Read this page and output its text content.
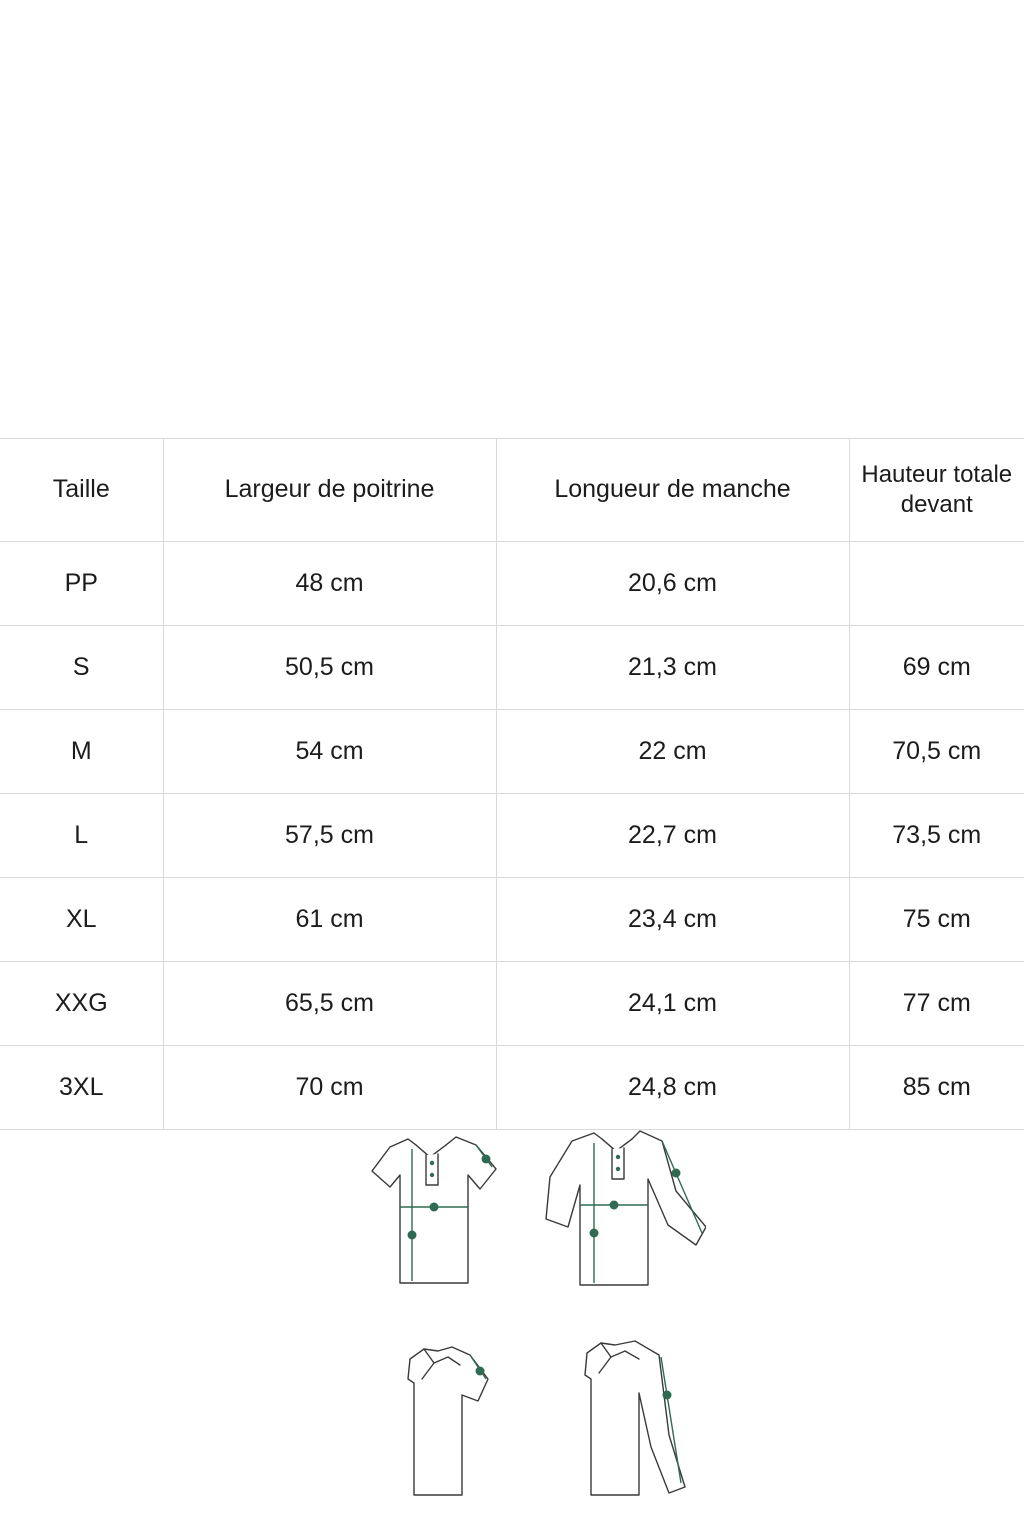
Taille	Largeur de poitrine	Longueur de manche	Hauteur totale devant
PP	48 cm	20,6 cm	
S	50,5 cm	21,3 cm	69 cm
M	54 cm	22 cm	70,5 cm
L	57,5 cm	22,7 cm	73,5 cm
XL	61 cm	23,4 cm	75 cm
XXG	65,5 cm	24,1 cm	77 cm
3XL	70 cm	24,8 cm	85 cm
